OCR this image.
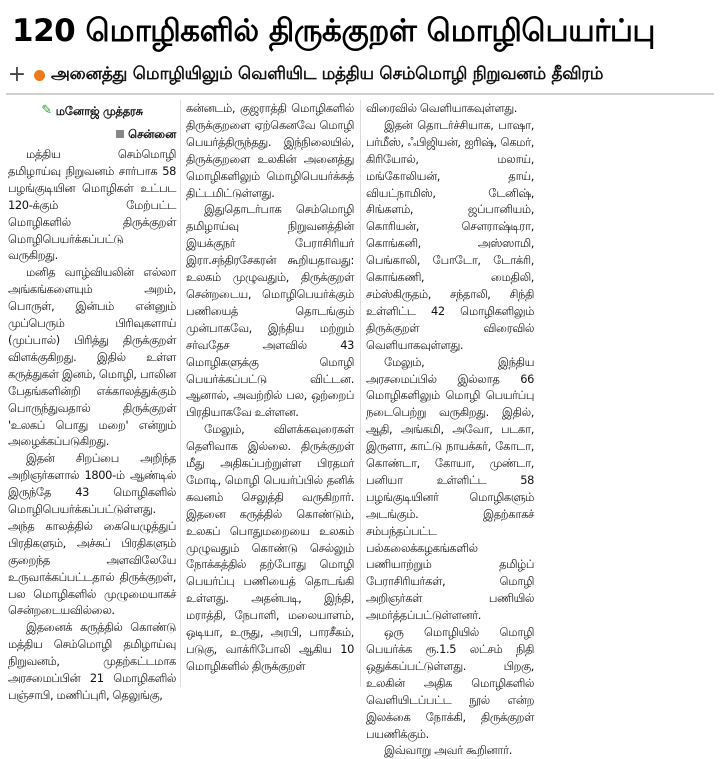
120 மொழிகளில் திருக்குறள் மொழிபெயர்ப்பு
+ அனைத்து மொழியிலும் வெளியிட மத்திய செம்மொழி நிறுவனம் தீவிரம்
✎ மனோஜ் முத்தரசு
சென்னை

மத்திய செம்மொழி தமிழாய்வு நிறுவனம் சார்பாக 58 பழங்குடியின மொழிகள் உட்பட 120-க்கும் மேற்பட்ட மொழிகளில் திருக்குறள் மொழிபெயர்க்கப்பட்டு வருகிறது.

மனித வாழ்வியலின் எல்லா அங்கங்களையும் அறம், பொருள், இன்பம் என்னும் முப்பெரும் பிரிவுகளாய் (முப்பால்) பிரித்து திருக்குறள் விளக்குகிறது. இதில் உள்ள கருத்துகள் இனம், மொழி, பாலின பேதங்களின்றி எக்காலத்துக்கும் பொருந்துவதால் திருக்குறள் 'உலகப் பொது மறை' என்றும் அழைக்கப்படுகிறது.

இதன் சிறப்பை அறிந்த அறிஞர்களால் 1800-ம் ஆண்டில் இருந்தே 43 மொழிகளில் மொழிபெயர்க்கப்பட்டுள்ளது. அந்த காலத்தில் கையெழுத்துப் பிரதிகளும், அச்சுப் பிரதிகளும் குறைந்த அளவிலேயே உருவாக்கப்பட்டதால் திருக்குறள், பல மொழிகளில் முழுமையாகச் சென்றடையவில்லை.

இதனைக் கருத்தில் கொண்டு மத்திய செம்மொழி தமிழாய்வு நிறுவனம், முதற்கட்டமாக அரசமைப்பின் 21 மொழிகளில் பஞ்சாபி, மணிப்புரி, தெலுங்கு,

கன்னடம், குஜராத்தி மொழிகளில் திருக்குறளை ஏற்கெனவே மொழி பெயர்த்திருந்தது. இந்நிலையில், திருக்குறளை உலகின் அனைத்து மொழிகளிலும் மொழிபெயர்க்கத் திட்டமிட்டுள்ளது.

இதுதொடர்பாக செம்மொழி தமிழாய்வு நிறுவனத்தின் இயக்குநர் பேராசிரியர் இரா.சந்திரசேகரன் கூறியதாவது: உலகம் முழுவதும், திருக்குறள் சென்றடைய, மொழிபெயர்க்கும் பணியைத் தொடங்கும் முன்பாகவே, இந்திய மற்றும் சர்வதேச அளவில் 43 மொழிகளுக்கு மொழி பெயர்க்கப்பட்டு விட்டன. ஆனால், அவற்றில் பல, ஒற்றைப் பிரதியாகவே உள்ளன.

மேலும், விளக்கவுரைகள் தெளிவாக இல்லை. திருக்குறள் மீது அதிகப்பற்றுள்ள பிரதமர் மோடி, மொழி பெயர்ப்பில் தனிக் கவனம் செலுத்தி வருகிறார். இதனை கருத்தில் கொண்டும், உலகப் பொதுமறையை உலகம் முழுவதும் கொண்டு செல்லும் நோக்கத்தில் தற்போது மொழி பெயர்ப்பு பணியைத் தொடங்கி உள்ளது. அதன்படி, இந்தி, மராத்தி, நேபாளி, மலையாளம், ஒடியா, உருது, அரபி, பாரசீகம், படுகு, வாக்ரிபோலி ஆகிய 10 மொழிகளில் திருக்குறள்

விரைவில் வெளியாகவுள்ளது.

இதன் தொடர்ச்சியாக, பாஷா, பர்மீஸ், ஃபிஜியன், ஐரிஷ், கெமர், கிரியோல், மலாய், மங்கோலியன், தாய், வியட்நாமிஸ், டேனிஷ், சிங்களம், ஜப்பானியம், கொரியன், சௌராஷ்டிரா, கொங்கனி, அஸ்ஸாமி, பெங்காலி, போடோ, டோக்ரி, கொங்கணி, மைதிலி, சம்ஸ்கிருதம், சந்தாலி, சிந்தி உள்ளிட்ட 42 மொழிகளிலும் திருக்குறள் விரைவில் வெளியாகவுள்ளது.

மேலும், இந்திய அரசமைப்பில் இல்லாத 66 மொழிகளிலும் மொழி பெயர்ப்பு நடைபெற்று வருகிறது. இதில், ஆதி, அங்கமி, அவோ, படகா, இருளா, காட்டு நாயக்கர், கோடா, கொண்டா, கோயா, முண்டா, பனியா உள்ளிட்ட 58 பழங்குடியினர் மொழிகளும் அடங்கும். இதற்காகச் சம்பந்தப்பட்ட பல்கலைக்கழகங்களில் பணியாற்றும் தமிழ்ப் பேராசிரியர்கள், மொழி அறிஞர்கள் பணியில் அமர்த்தப்பட்டுள்ளனர்.

ஒரு மொழியில் மொழி பெயர்க்க ரூ.1.5 லட்சம் நிதி ஒதுக்கப்பட்டுள்ளது. பிறகு, உலகின் அதிக மொழிகளில் வெளியிடப்பட்ட நூல் என்ற இலக்கை நோக்கி, திருக்குறள் பயணிக்கும்.

இவ்வாறு அவர் கூறினார்.
